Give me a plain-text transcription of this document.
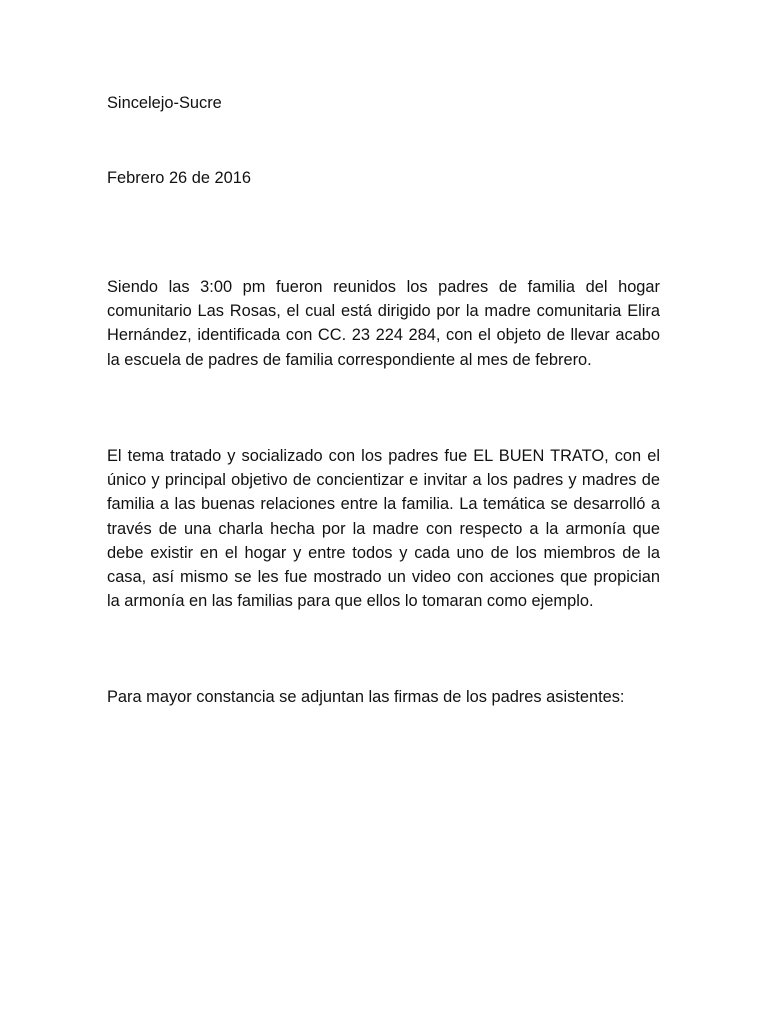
Sincelejo-Sucre

Febrero 26 de 2016

Siendo las 3:00 pm fueron reunidos los padres de familia del hogar comunitario Las Rosas, el cual está dirigido por la madre comunitaria Elira Hernández, identificada con CC. 23 224 284, con el objeto de llevar acabo la escuela de padres de familia correspondiente al mes de febrero.

El tema tratado y socializado con los padres fue EL BUEN TRATO, con el único y principal objetivo de concientizar e invitar a los padres y madres de familia a las buenas relaciones entre la familia. La temática se desarrolló a través de una charla hecha por la madre con respecto a la armonía que debe existir en el hogar y entre todos y cada uno de los miembros de la casa, así mismo se les fue mostrado un video con acciones que propician la armonía en las familias para que ellos lo tomaran como ejemplo.

Para mayor constancia se adjuntan las firmas de los padres asistentes:
